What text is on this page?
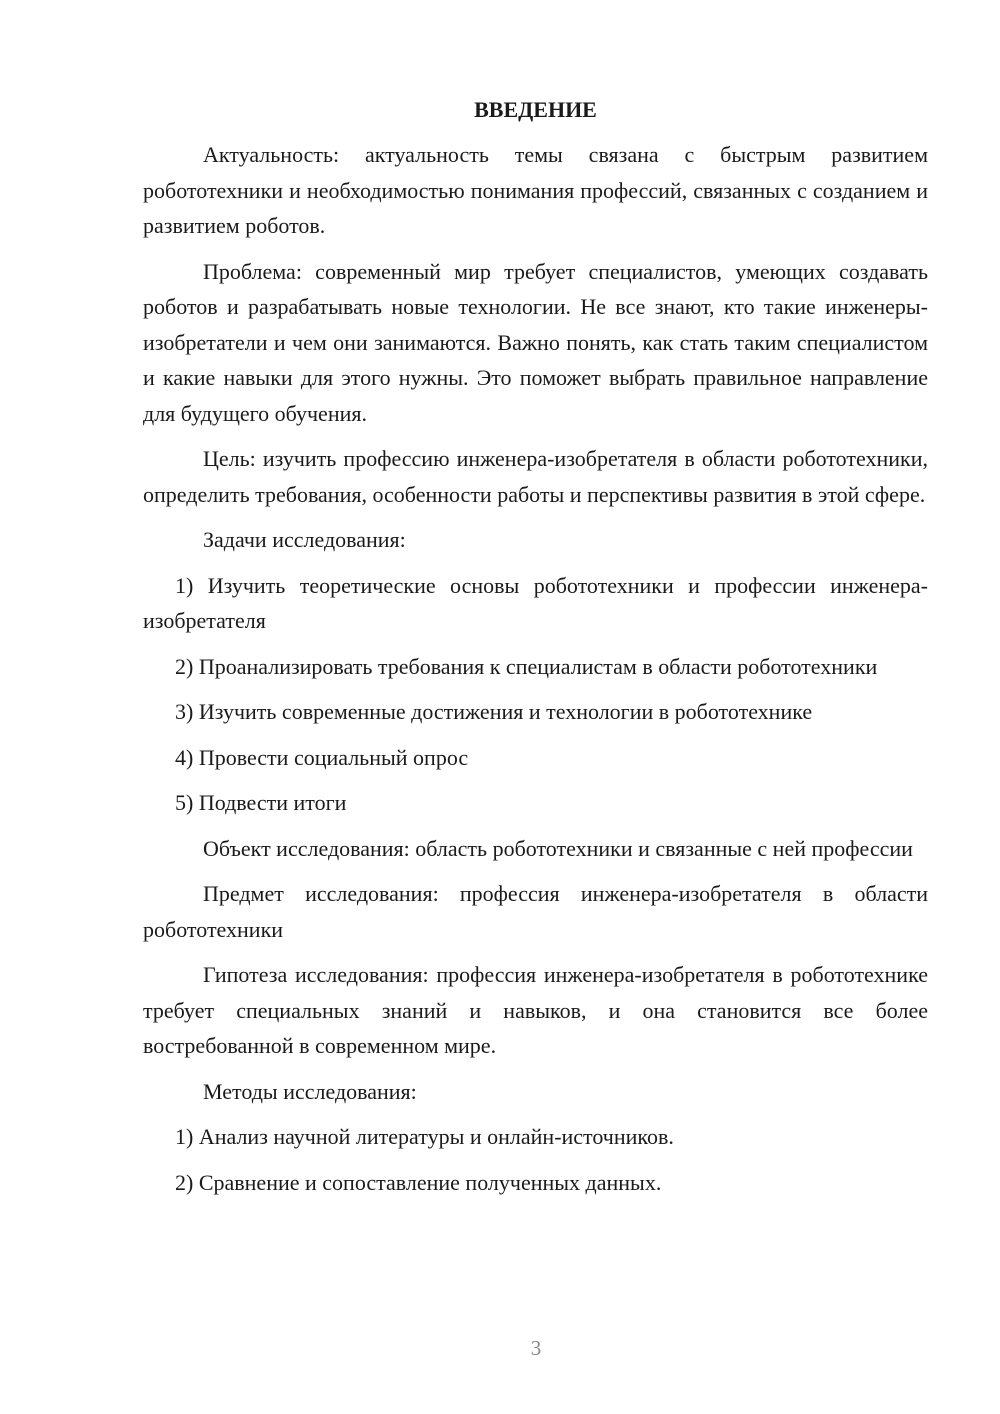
ВВЕДЕНИЕ

Актуальность: актуальность темы связана с быстрым развитием робототехники и необходимостью понимания профессий, связанных с созданием и развитием роботов.

Проблема: современный мир требует специалистов, умеющих создавать роботов и разрабатывать новые технологии. Не все знают, кто такие инженеры-изобретатели и чем они занимаются. Важно понять, как стать таким специалистом и какие навыки для этого нужны. Это поможет выбрать правильное направление для будущего обучения.

Цель: изучить профессию инженера-изобретателя в области робототехники, определить требования, особенности работы и перспективы развития в этой сфере.

Задачи исследования:

1) Изучить теоретические основы робототехники и профессии инженера-изобретателя

2) Проанализировать требования к специалистам в области робототехники

3) Изучить современные достижения и технологии в робототехнике

4) Провести социальный опрос

5) Подвести итоги

Объект исследования: область робототехники и связанные с ней профессии

Предмет исследования: профессия инженера-изобретателя в области робототехники

Гипотеза исследования: профессия инженера-изобретателя в робототехнике требует специальных знаний и навыков, и она становится все более востребованной в современном мире.

Методы исследования:

1) Анализ научной литературы и онлайн-источников.

2) Сравнение и сопоставление полученных данных.

3
